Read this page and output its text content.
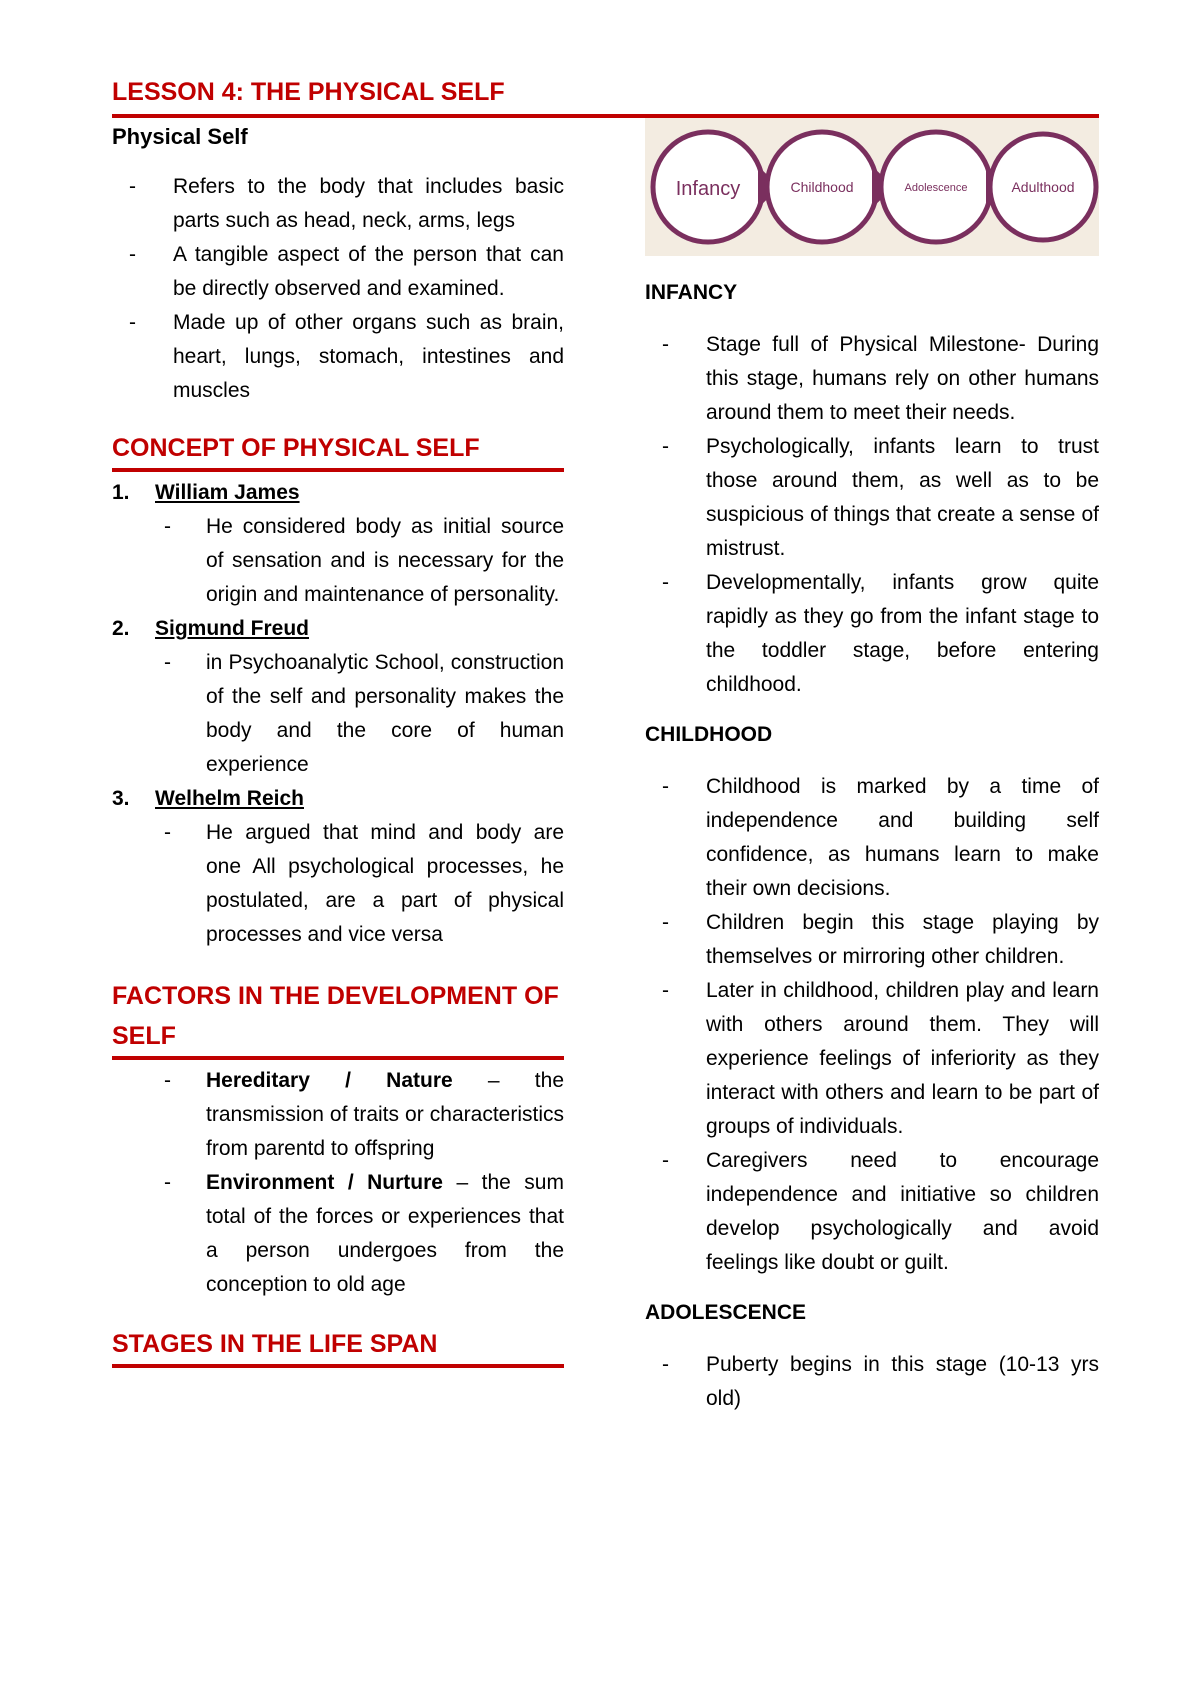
LESSON 4: THE PHYSICAL SELF

Physical Self

- Refers to the body that includes basic parts such as head, neck, arms, legs
- A tangible aspect of the person that can be directly observed and examined.
- Made up of other organs such as brain, heart, lungs, stomach, intestines and muscles

CONCEPT OF PHYSICAL SELF

1. William James
- He considered body as initial source of sensation and is necessary for the origin and maintenance of personality.
2. Sigmund Freud
- in Psychoanalytic School, construction of the self and personality makes the body and the core of human experience
3. Welhelm Reich
- He argued that mind and body are one All psychological processes, he postulated, are a part of physical processes and vice versa

FACTORS IN THE DEVELOPMENT OF SELF

- Hereditary / Nature – the transmission of traits or characteristics from parentd to offspring
- Environment / Nurture – the sum total of the forces or experiences that a person undergoes from the conception to old age

STAGES IN THE LIFE SPAN

Infancy	Childhood	Adolescence	Adulthood

INFANCY

- Stage full of Physical Milestone- During this stage, humans rely on other humans around them to meet their needs.
- Psychologically, infants learn to trust those around them, as well as to be suspicious of things that create a sense of mistrust.
- Developmentally, infants grow quite rapidly as they go from the infant stage to the toddler stage, before entering childhood.

CHILDHOOD

- Childhood is marked by a time of independence and building self confidence, as humans learn to make their own decisions.
- Children begin this stage playing by themselves or mirroring other children.
- Later in childhood, children play and learn with others around them. They will experience feelings of inferiority as they interact with others and learn to be part of groups of individuals.
- Caregivers need to encourage independence and initiative so children develop psychologically and avoid feelings like doubt or guilt.

ADOLESCENCE

- Puberty begins in this stage (10-13 yrs old)
